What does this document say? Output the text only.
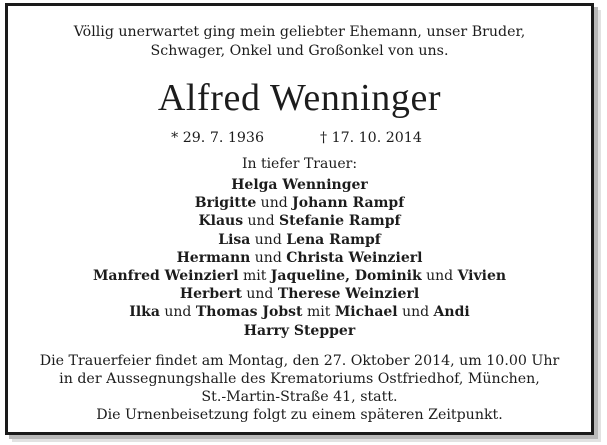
Völlig unerwartet ging mein geliebter Ehemann, unser Bruder,
Schwager, Onkel und Großonkel von uns.
Alfred Wenninger
* 29. 7. 1936	† 17. 10. 2014
In tiefer Trauer:
Helga Wenninger
Brigitte und Johann Rampf
Klaus und Stefanie Rampf
Lisa und Lena Rampf
Hermann und Christa Weinzierl
Manfred Weinzierl mit Jaqueline, Dominik und Vivien
Herbert und Therese Weinzierl
Ilka und Thomas Jobst mit Michael und Andi
Harry Stepper
Die Trauerfeier findet am Montag, den 27. Oktober 2014, um 10.00 Uhr
in der Aussegnungshalle des Krematoriums Ostfriedhof, München,
St.-Martin-Straße 41, statt.
Die Urnenbeisetzung folgt zu einem späteren Zeitpunkt.
